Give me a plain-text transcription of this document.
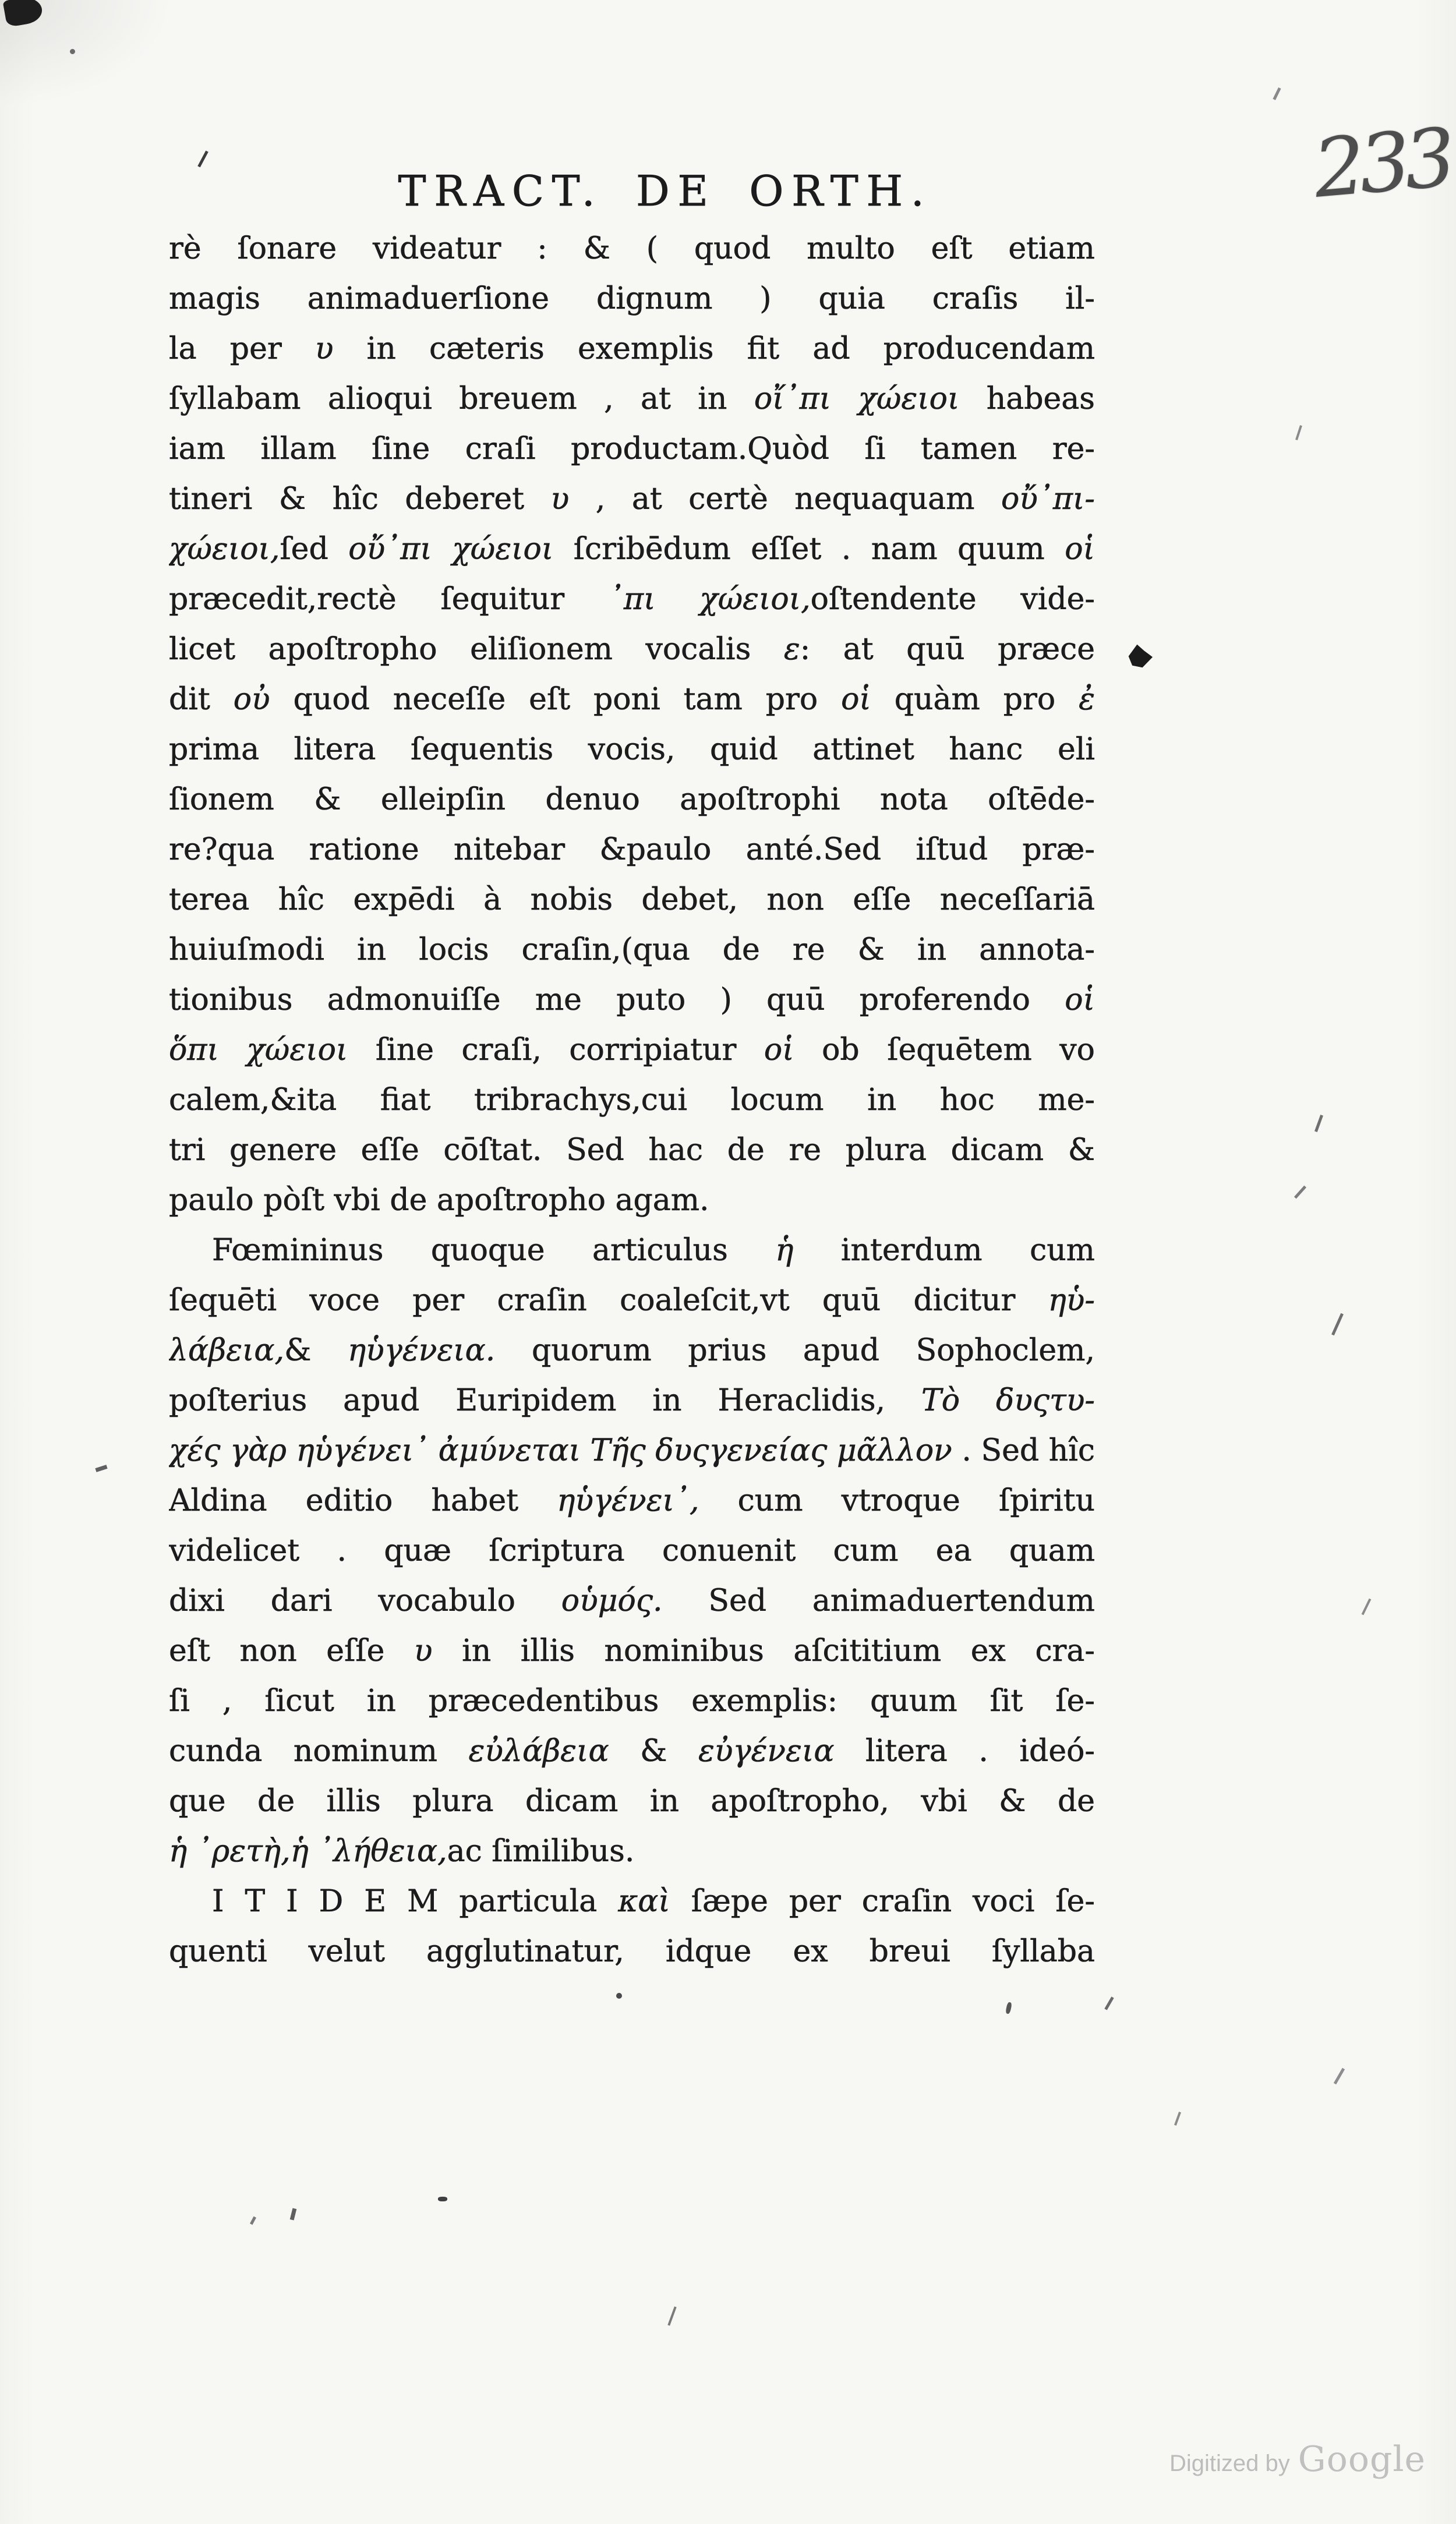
TRACT. DE ORTH.	233
rè ſonare videatur : & ( quod multo eſt etiam
magis animaduerſione dignum ) quia craſis il-
la per υ in cæteris exemplis fit ad producendam
ſyllabam alioqui breuem , at in οἴ᾽πι χώειοι habeas
iam illam ſine craſi productam.Quòd ſi tamen re-
tineri & hîc deberet υ , at certè nequaquam οὔ᾽πι-
χώειοι,ſed οὔ᾽πι χώειοι ſcribēdum eſſet . nam quum οἱ
præcedit,rectè ſequitur ᾽πι χώειοι,oſtendente vide-
licet apoſtropho eliſionem vocalis ε: at quū præce
dit οὐ quod neceſſe eſt poni tam pro οἱ quàm pro ἐ
prima litera ſequentis vocis, quid attinet hanc eli
ſionem & elleipſin denuo apoſtrophi nota oſtēde-
re?qua ratione nitebar &paulo anté.Sed iſtud præ-
terea hîc expēdi à nobis debet, non eſſe neceſſariā
huiuſmodi in locis craſin,(qua de re & in annota-
tionibus admonuiſſe me puto ) quū proferendo οἱ
ὅπι χώειοι ſine craſi, corripiatur οἱ ob ſequētem vo
calem,&ita fiat tribrachys,cui locum in hoc me-
tri genere eſſe cōſtat. Sed hac de re plura dicam &
paulo pòſt vbi de apoſtropho agam.
Fœmininus quoque articulus ἡ interdum cum
ſequēti voce per craſin coaleſcit,vt quū dicitur ηὑ-
λάβεια,& ηὑγένεια. quorum prius apud Sophoclem,
poſterius apud Euripidem in Heraclidis, Τὸ δυςτυ-
χές γὰρ ηὑγένει᾽ ἀμύνεται Τῆς δυςγενείας μᾶλλον . Sed hîc
Aldina editio habet ηὑγένει᾽, cum vtroque ſpiritu
videlicet . quæ ſcriptura conuenit cum ea quam
dixi dari vocabulo οὑμός. Sed animaduertendum
eſt non eſſe υ in illis nominibus aſcititium ex cra-
ſi , ſicut in præcedentibus exemplis: quum ſit ſe-
cunda nominum εὐλάβεια & εὐγένεια litera . ideó-
que de illis plura dicam in apoſtropho, vbi & de
ἡ ᾽ρετὴ,ἡ ᾽λήθεια,ac ſimilibus.
I T I D E M particula καὶ ſæpe per craſin voci ſe-
quenti velut agglutinatur, idque ex breui ſyllaba
Digitized by Google
